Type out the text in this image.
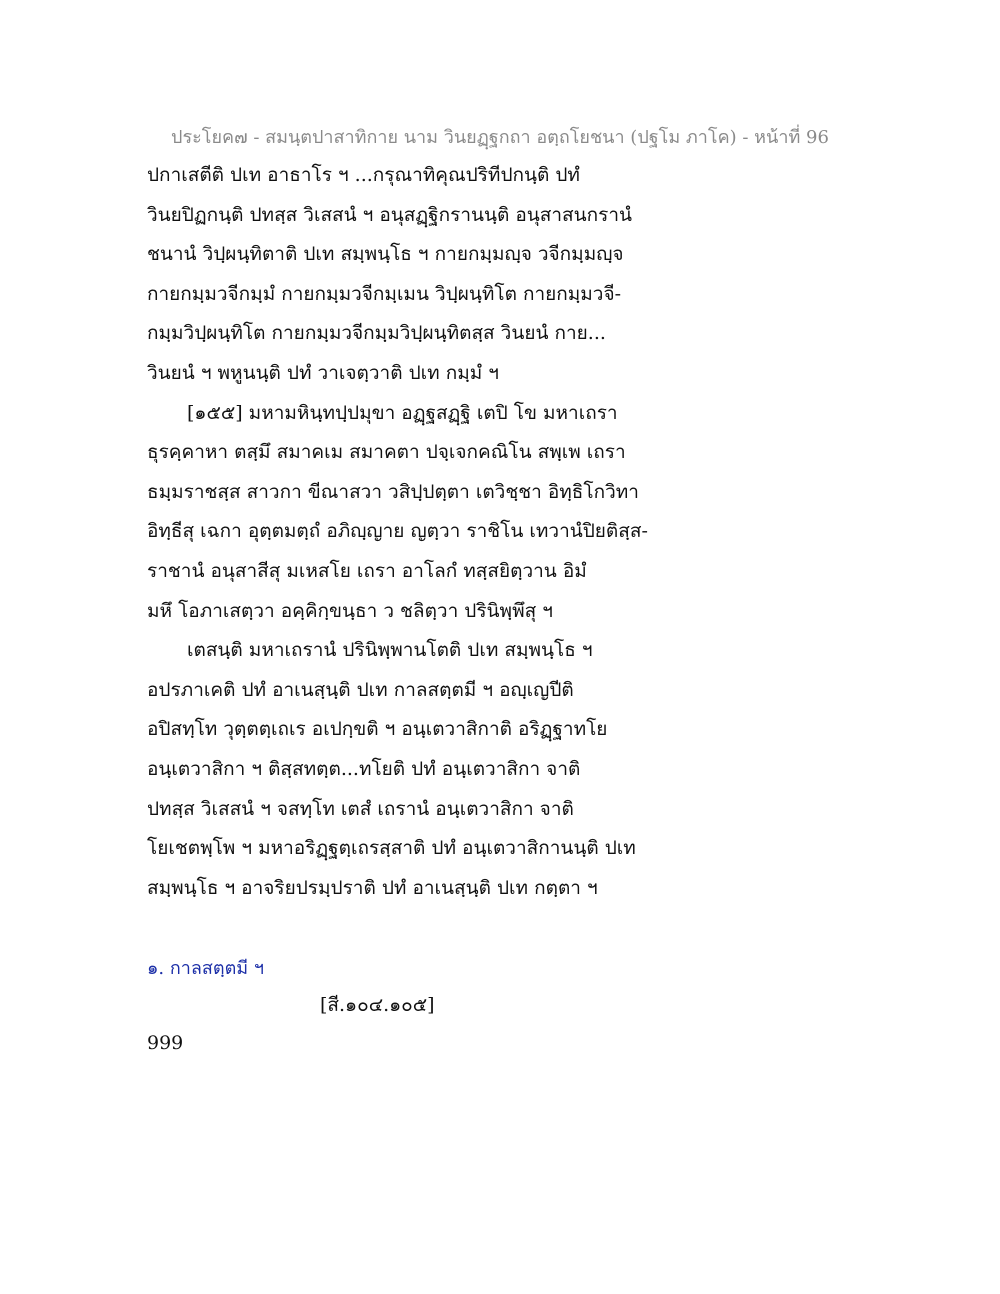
ประโยค๗ - สมนฺตปาสาทิกาย นาม วินยฏฺฐกถา อตฺถโยชนา (ปฐโม ภาโค) - หน้าที่ 96
ปกาเสตีติ ปเท อาธาโร ฯ ...กรุณาทิคุณปริทีปกนฺติ ปทํ
วินยปิฏกนฺติ ปทสฺส วิเสสนํ ฯ อนุสฏฺฐิกรานนฺติ อนุสาสนกรานํ
ชนานํ วิปฺผนฺทิตาติ ปเท สมฺพนฺโธ ฯ กายกมฺมญฺจ วจีกมฺมญฺจ
กายกมฺมวจีกมฺมํ กายกมฺมวจีกมฺเมน วิปฺผนฺทิโต กายกมฺมวจี-
กมฺมวิปฺผนฺทิโต กายกมฺมวจีกมฺมวิปฺผนฺทิตสฺส วินยนํ กาย...
วินยนํ ฯ พหูนนฺติ ปทํ วาเจตฺวาติ ปเท กมฺมํ ฯ
[๑๕๕] มหามหินฺทปฺปมุขา อฏฺฐสฏฺฐิ เตปิ โข มหาเถรา
ธุรคฺคาหา ตสฺมึ สมาคเม สมาคตา ปจฺเจกคณิโน สพฺเพ เถรา
ธมฺมราชสฺส สาวกา ขีณาสวา วสิปฺปตฺตา เตวิชฺชา อิทฺธิโกวิทา
อิทฺธีสุ เฉกา อุตฺตมตฺถํ อภิญฺญาย ญตฺวา ราชิโน เทวานํปิยติสฺส-
ราชานํ อนุสาสีสุ มเหสโย เถรา อาโลกํ ทสฺสยิตฺวาน อิมํ
มหึ โอภาเสตฺวา อคฺคิกฺขนฺธา ว ชลิตฺวา ปรินิพฺพึสุ ฯ
เตสนฺติ มหาเถรานํ ปรินิพฺพานโตติ ปเท สมฺพนฺโธ ฯ
อปรภาเคติ ปทํ อาเนสฺนฺติ ปเท กาลสตฺตมี ฯ อญฺเญปีติ
อปิสทฺโท วุตฺตตฺเถเร อเปกฺขติ ฯ อนฺเตวาสิกาติ อริฏฺฐาทโย
อนฺเตวาสิกา ฯ ติสฺสทตฺต...ทโยติ ปทํ อนฺเตวาสิกา จาติ
ปทสฺส วิเสสนํ ฯ จสทฺโท เตสํ เถรานํ อนฺเตวาสิกา จาติ
โยเชตพฺโพ ฯ มหาอริฏฺฐตฺเถรสฺสาติ ปทํ อนฺเตวาสิกานนฺติ ปเท
สมฺพนฺโธ ฯ อาจริยปรมฺปราติ ปทํ อาเนสฺนฺติ ปเท กตฺตา ฯ
๑. กาลสตฺตมี ฯ
[สี.๑๐๔.๑๐๕]
999
